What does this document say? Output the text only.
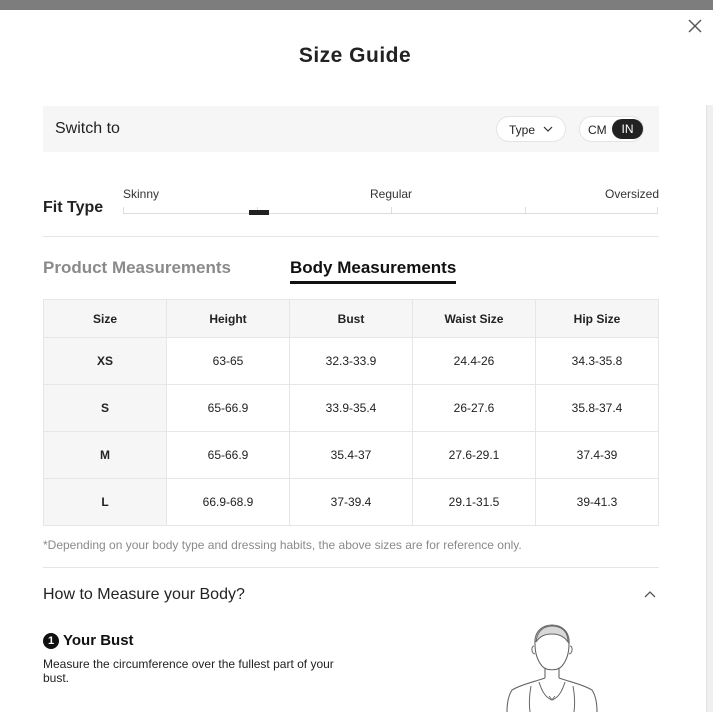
Size Guide
Switch to	Type	CM	IN
Fit Type
Skinny	Regular	Oversized
Product Measurements	Body Measurements
Size	Height	Bust	Waist Size	Hip Size
XS	63-65	32.3-33.9	24.4-26	34.3-35.8
S	65-66.9	33.9-35.4	26-27.6	35.8-37.4
M	65-66.9	35.4-37	27.6-29.1	37.4-39
L	66.9-68.9	37-39.4	29.1-31.5	39-41.3
*Depending on your body type and dressing habits, the above sizes are for reference only.
How to Measure your Body?
1 Your Bust
Measure the circumference over the fullest part of your bust.
